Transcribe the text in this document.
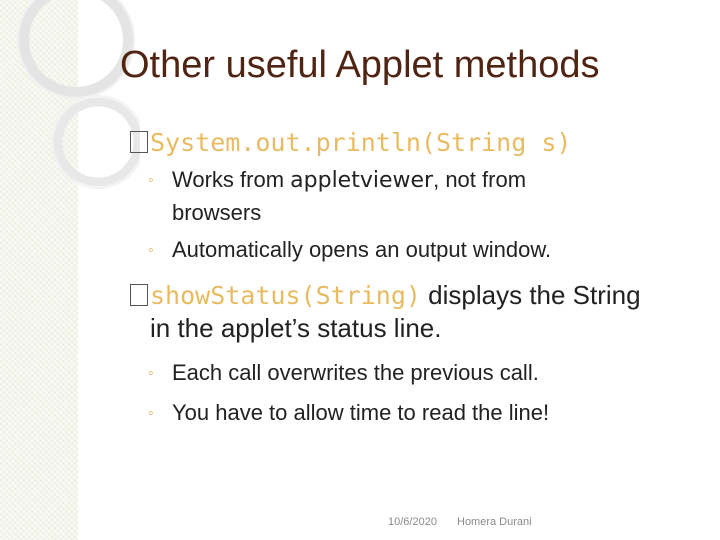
Other useful Applet methods
System.out.println(String s)
◦ Works from appletviewer, not from
browsers
◦ Automatically opens an output window.
showStatus(String) displays the String
in the applet’s status line.
◦ Each call overwrites the previous call.
◦ You have to allow time to read the line!
10/6/2020 Homera Durani
